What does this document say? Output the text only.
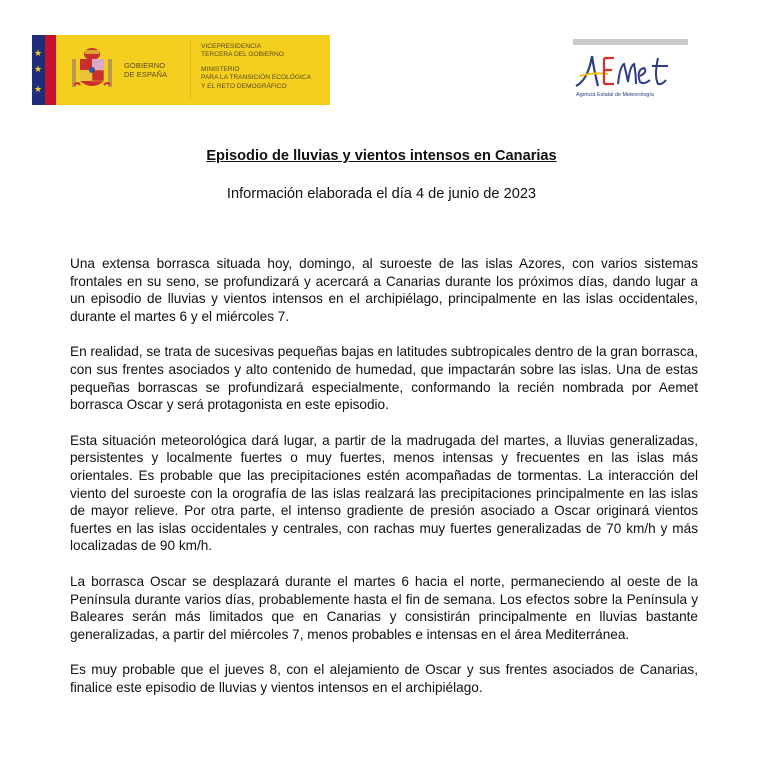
★
★
★
GOBIERNO
DE ESPAÑA
VICEPRESIDENCIA
TERCERA DEL GOBIERNO
MINISTERIO
PARA LA TRANSICIÓN ECOLÓGICA
Y EL RETO DEMOGRÁFICO
Agencia Estatal de Meteorología
Episodio de lluvias y vientos intensos en Canarias
Información elaborada el día 4 de junio de 2023

Una extensa borrasca situada hoy, domingo, al suroeste de las islas Azores, con varios sistemas frontales en su seno, se profundizará y acercará a Canarias durante los próximos días, dando lugar a un episodio de lluvias y vientos intensos en el archipiélago, principalmente en las islas occidentales, durante el martes 6 y el miércoles 7.

En realidad, se trata de sucesivas pequeñas bajas en latitudes subtropicales dentro de la gran borrasca, con sus frentes asociados y alto contenido de humedad, que impactarán sobre las islas. Una de estas pequeñas borrascas se profundizará especialmente, conformando la recién nombrada por Aemet borrasca Oscar y será protagonista en este episodio.

Esta situación meteorológica dará lugar, a partir de la madrugada del martes, a lluvias generalizadas, persistentes y localmente fuertes o muy fuertes, menos intensas y frecuentes en las islas más orientales. Es probable que las precipitaciones estén acompañadas de tormentas. La interacción del viento del suroeste con la orografía de las islas realzará las precipitaciones principalmente en las islas de mayor relieve. Por otra parte, el intenso gradiente de presión asociado a Oscar originará vientos fuertes en las islas occidentales y centrales, con rachas muy fuertes generalizadas de 70 km/h y más localizadas de 90 km/h.

La borrasca Oscar se desplazará durante el martes 6 hacia el norte, permaneciendo al oeste de la Península durante varios días, probablemente hasta el fin de semana. Los efectos sobre la Península y Baleares serán más limitados que en Canarias y consistirán principalmente en lluvias bastante generalizadas, a partir del miércoles 7, menos probables e intensas en el área Mediterránea.

Es muy probable que el jueves 8, con el alejamiento de Oscar y sus frentes asociados de Canarias, finalice este episodio de lluvias y vientos intensos en el archipiélago.
